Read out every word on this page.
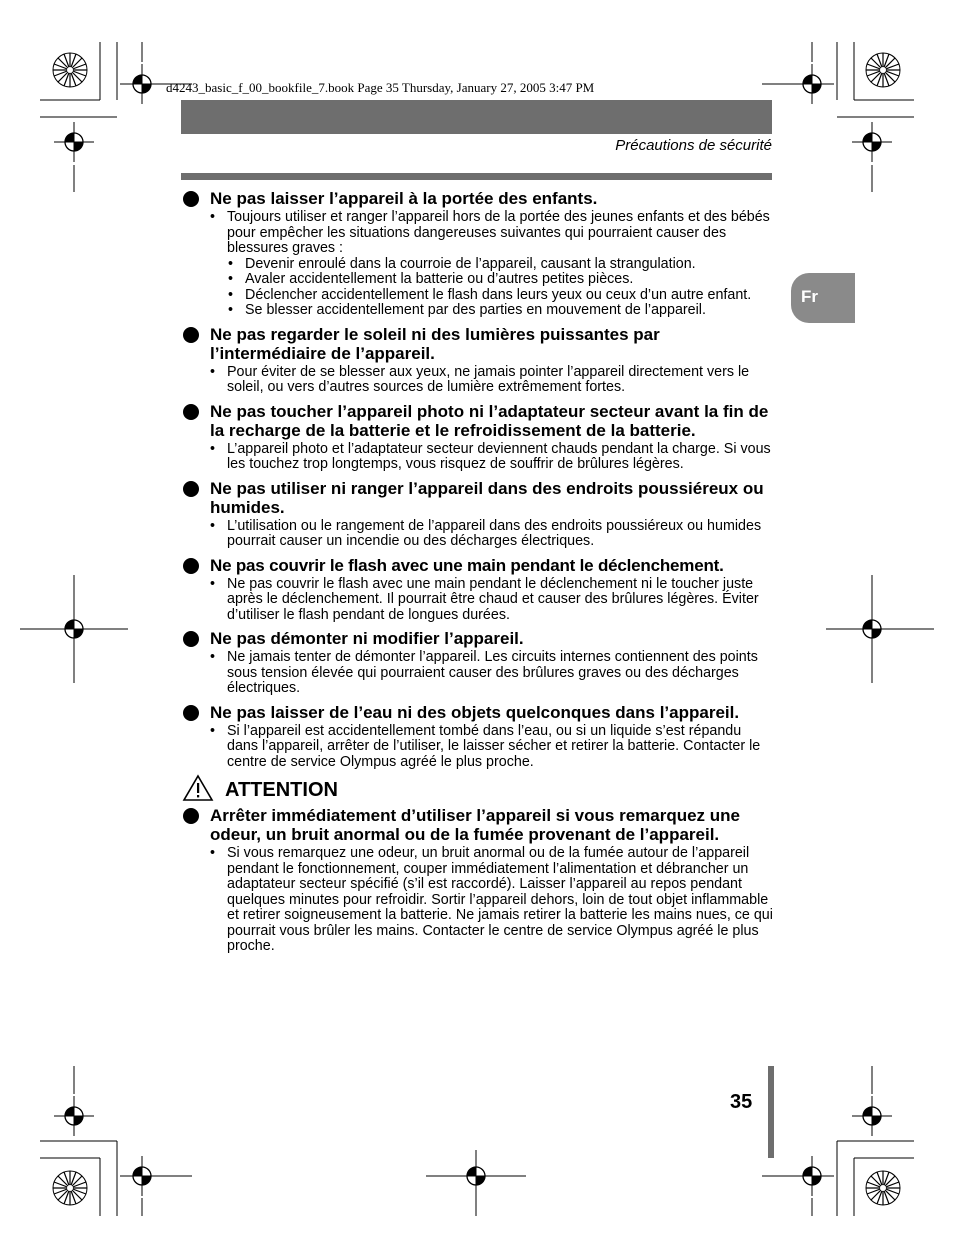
d4243_basic_f_00_bookfile_7.book Page 35 Thursday, January 27, 2005 3:47 PM
Précautions de sécurité
Fr

Ne pas laisser l’appareil à la portée des enfants.

• Toujours utiliser et ranger l’appareil hors de la portée des jeunes enfants et des bébés pour empêcher les situations dangereuses suivantes qui pourraient causer des blessures graves :
• Devenir enroulé dans la courroie de l’appareil, causant la strangulation.
• Avaler accidentellement la batterie ou d’autres petites pièces.
• Déclencher accidentellement le flash dans leurs yeux ou ceux d’un autre enfant.
• Se blesser accidentellement par des parties en mouvement de l’appareil.

Ne pas regarder le soleil ni des lumières puissantes par l’intermédiaire de l’appareil.

• Pour éviter de se blesser aux yeux, ne jamais pointer l’appareil directement vers le soleil, ou vers d’autres sources de lumière extrêmement fortes.

Ne pas toucher l’appareil photo ni l’adaptateur secteur avant la fin de la recharge de la batterie et le refroidissement de la batterie.

• L’appareil photo et l’adaptateur secteur deviennent chauds pendant la charge. Si vous les touchez trop longtemps, vous risquez de souffrir de brûlures légères.

Ne pas utiliser ni ranger l’appareil dans des endroits poussiéreux ou humides.

• L’utilisation ou le rangement de l’appareil dans des endroits poussiéreux ou humides pourrait causer un incendie ou des décharges électriques.

Ne pas couvrir le flash avec une main pendant le déclenchement.

• Ne pas couvrir le flash avec une main pendant le déclenchement ni le toucher juste après le déclenchement. Il pourrait être chaud et causer des brûlures légères. Éviter d’utiliser le flash pendant de longues durées.

Ne pas démonter ni modifier l’appareil.

• Ne jamais tenter de démonter l’appareil. Les circuits internes contiennent des points sous tension élevée qui pourraient causer des brûlures graves ou des décharges électriques.

Ne pas laisser de l’eau ni des objets quelconques dans l’appareil.

• Si l’appareil est accidentellement tombé dans l’eau, ou si un liquide s’est répandu dans l’appareil, arrêter de l’utiliser, le laisser sécher et retirer la batterie. Contacter le centre de service Olympus agréé le plus proche.
ATTENTION

Arrêter immédiatement d’utiliser l’appareil si vous remarquez une odeur, un bruit anormal ou de la fumée provenant de l’appareil.

• Si vous remarquez une odeur, un bruit anormal ou de la fumée autour de l’appareil pendant le fonctionnement, couper immédiatement l’alimentation et débrancher un adaptateur secteur spécifié (s’il est raccordé). Laisser l’appareil au repos pendant quelques minutes pour refroidir. Sortir l’appareil dehors, loin de tout objet inflammable et retirer soigneusement la batterie. Ne jamais retirer la batterie les mains nues, ce qui pourrait vous brûler les mains. Contacter le centre de service Olympus agréé le plus proche.
35
